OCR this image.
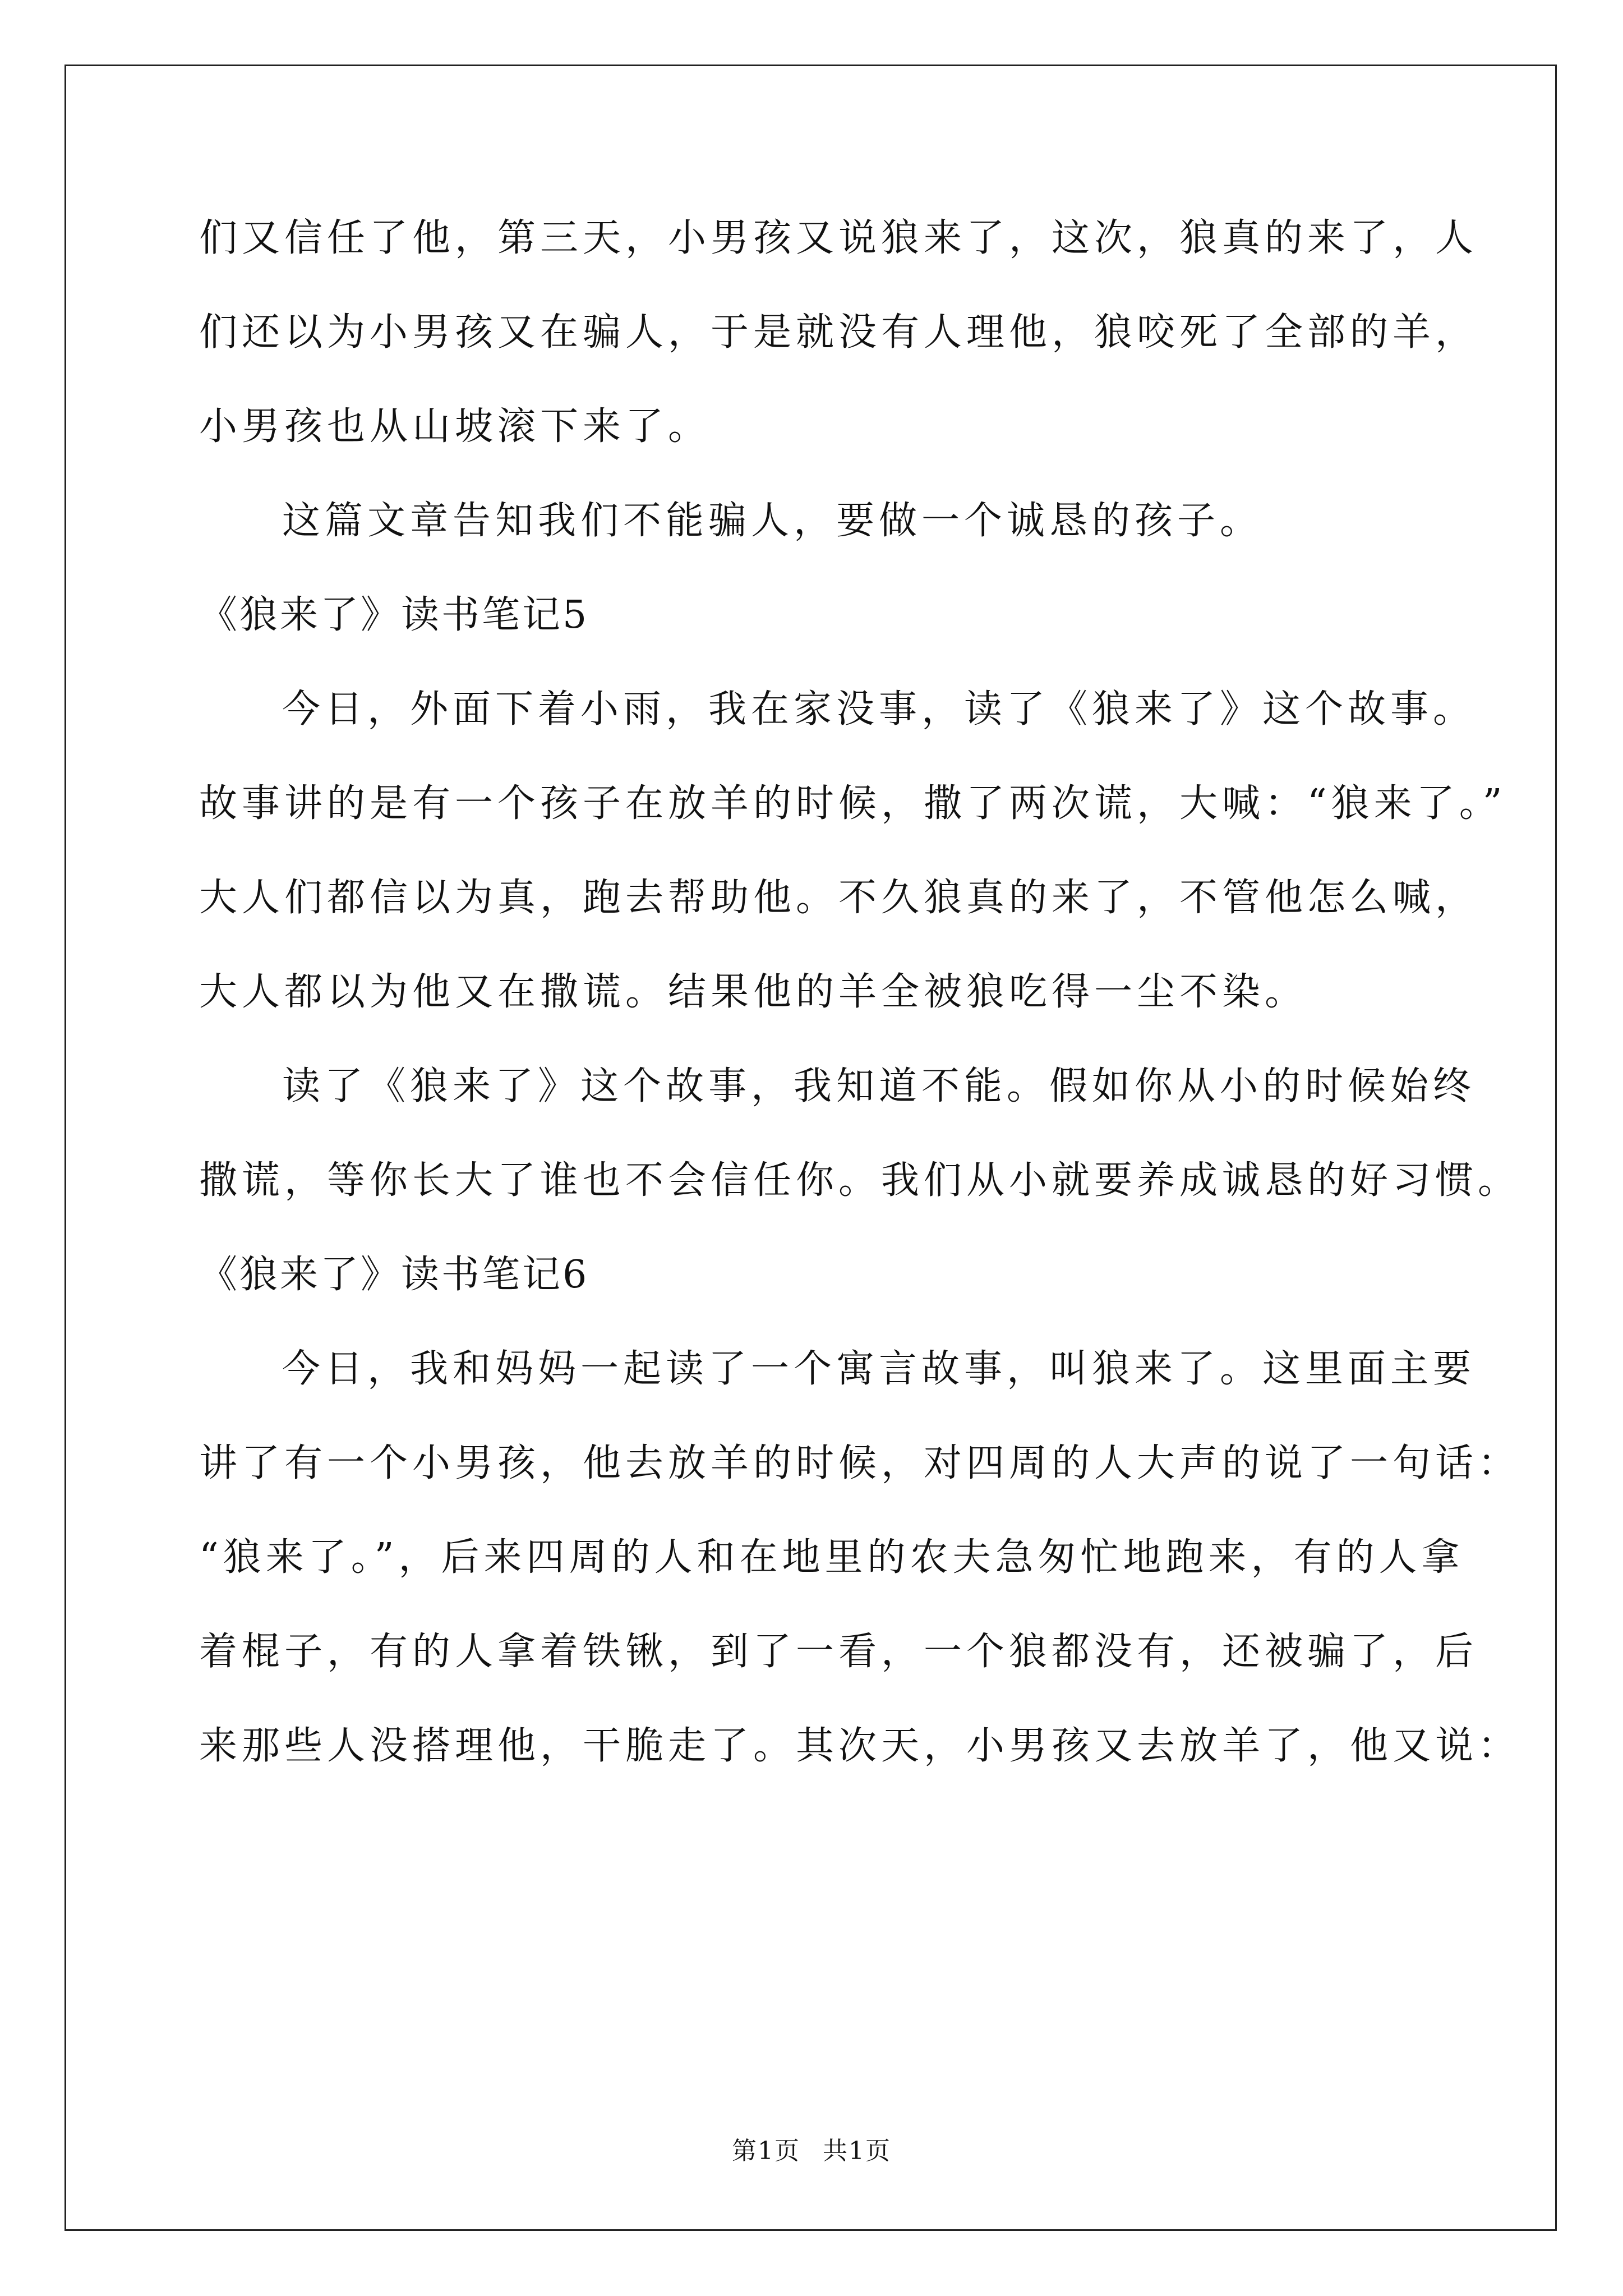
们又信任了他，第三天，小男孩又说狼来了，这次，狼真的来了，人
们还以为小男孩又在骗人，于是就没有人理他，狼咬死了全部的羊，
小男孩也从山坡滚下来了。
这篇文章告知我们不能骗人，要做一个诚恳的孩子。
《狼来了》读书笔记5
今日，外面下着小雨，我在家没事，读了《狼来了》这个故事。
故事讲的是有一个孩子在放羊的时候，撒了两次谎，大喊：“狼来了。”
大人们都信以为真，跑去帮助他。不久狼真的来了，不管他怎么喊，
大人都以为他又在撒谎。结果他的羊全被狼吃得一尘不染。
读了《狼来了》这个故事，我知道不能。假如你从小的时候始终
撒谎，等你长大了谁也不会信任你。我们从小就要养成诚恳的好习惯。
《狼来了》读书笔记6
今日，我和妈妈一起读了一个寓言故事，叫狼来了。这里面主要
讲了有一个小男孩，他去放羊的时候，对四周的人大声的说了一句话：
“狼来了。”，后来四周的人和在地里的农夫急匆忙地跑来，有的人拿
着棍子，有的人拿着铁锹，到了一看，一个狼都没有，还被骗了，后
来那些人没搭理他，干脆走了。其次天，小男孩又去放羊了，他又说：
第1页 共1页
